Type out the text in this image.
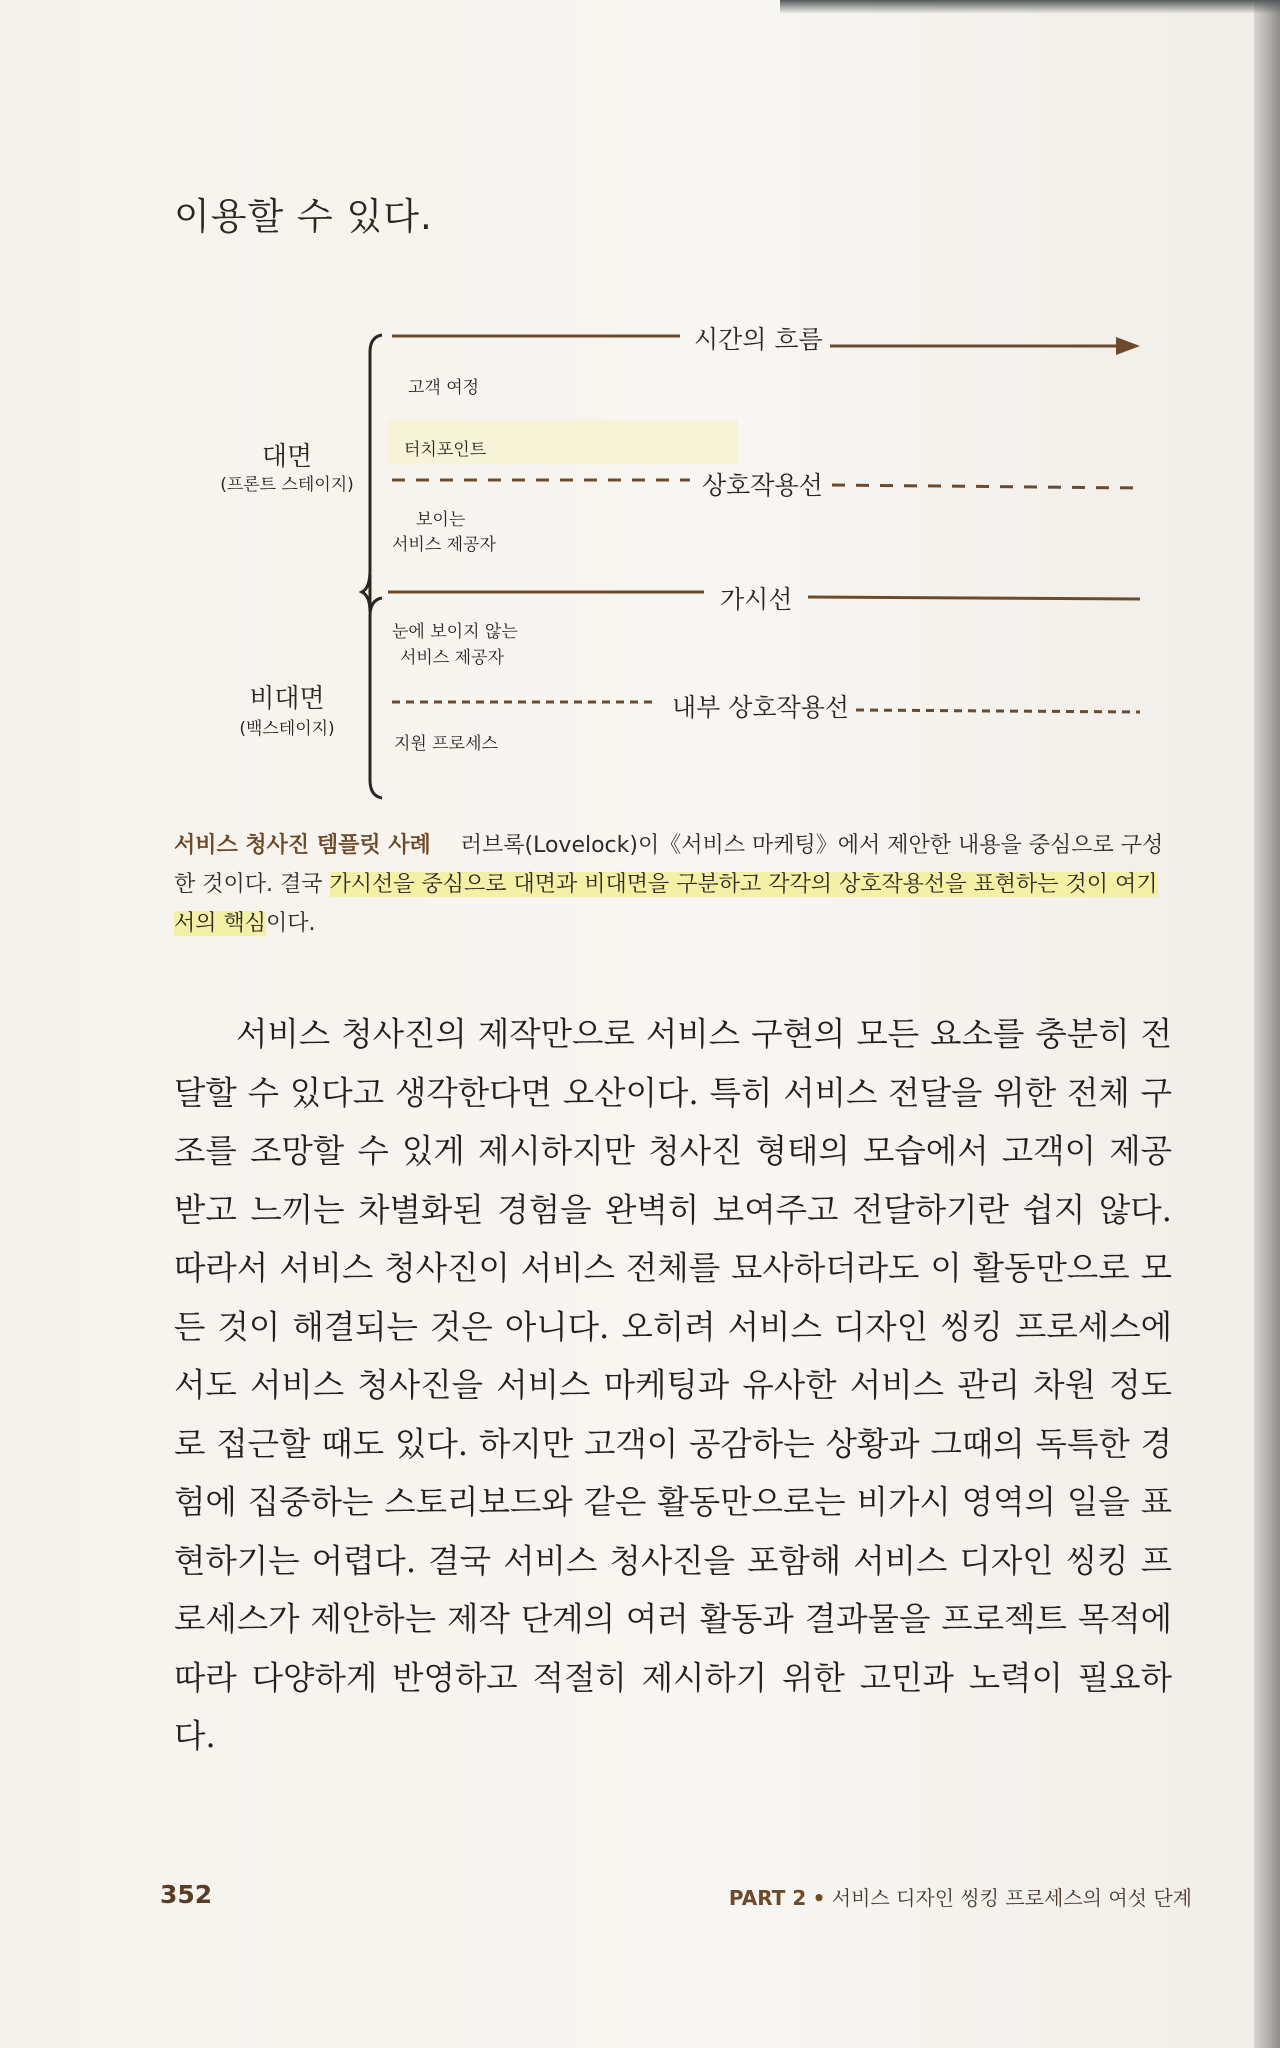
이용할 수 있다.
시간의 흐름
고객 여정
터치포인트
상호작용선
보이는
서비스 제공자
가시선
눈에 보이지 않는
서비스 제공자
내부 상호작용선
지원 프로세스
대면
(프론트 스테이지)
비대면
(백스테이지)
서비스 청사진 템플릿 사례 러브록(Lovelock)이《서비스 마케팅》에서 제안한 내용을 중심으로 구성한 것이다. 결국 가시선을 중심으로 대면과 비대면을 구분하고 각각의 상호작용선을 표현하는 것이 여기서의 핵심이다.
서비스 청사진의 제작만으로 서비스 구현의 모든 요소를 충분히 전달할 수 있다고 생각한다면 오산이다. 특히 서비스 전달을 위한 전체 구조를 조망할 수 있게 제시하지만 청사진 형태의 모습에서 고객이 제공받고 느끼는 차별화된 경험을 완벽히 보여주고 전달하기란 쉽지 않다. 따라서 서비스 청사진이 서비스 전체를 묘사하더라도 이 활동만으로 모든 것이 해결되는 것은 아니다. 오히려 서비스 디자인 씽킹 프로세스에서도 서비스 청사진을 서비스 마케팅과 유사한 서비스 관리 차원 정도로 접근할 때도 있다. 하지만 고객이 공감하는 상황과 그때의 독특한 경험에 집중하는 스토리보드와 같은 활동만으로는 비가시 영역의 일을 표현하기는 어렵다. 결국 서비스 청사진을 포함해 서비스 디자인 씽킹 프로세스가 제안하는 제작 단계의 여러 활동과 결과물을 프로젝트 목적에 따라 다양하게 반영하고 적절히 제시하기 위한 고민과 노력이 필요하다.
352	PART 2 • 서비스 디자인 씽킹 프로세스의 여섯 단계
